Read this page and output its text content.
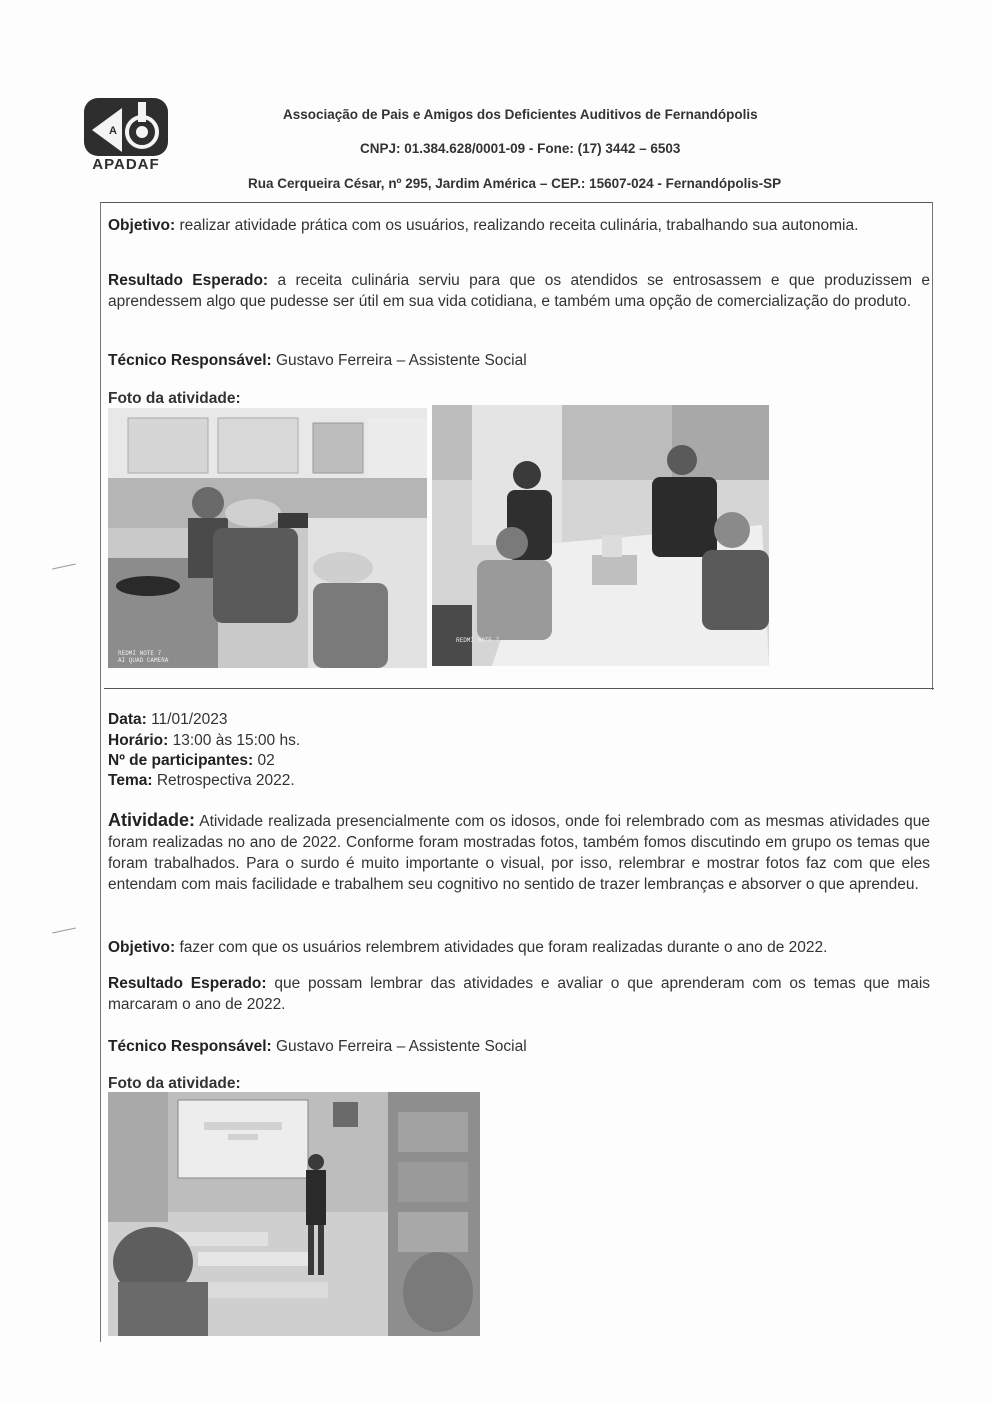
A
APADAF
Associação de Pais e Amigos dos Deficientes Auditivos de Fernandópolis
CNPJ: 01.384.628/0001-09 - Fone: (17) 3442 – 6503
Rua Cerqueira César, nº 295, Jardim América – CEP.: 15607-024 - Fernandópolis-SP
Objetivo: realizar atividade prática com os usuários, realizando receita culinária, trabalhando sua autonomia.
Resultado Esperado: a receita culinária serviu para que os atendidos se entrosassem e que produzissem e aprendessem algo que pudesse ser útil em sua vida cotidiana, e também uma opção de comercialização do produto.
Técnico Responsável: Gustavo Ferreira – Assistente Social
Foto da atividade:
REDMI NOTE 7
AI QUAD CAMERA
REDMI NOTE 7
Data: 11/01/2023
Horário: 13:00 às 15:00 hs.
Nº de participantes: 02
Tema: Retrospectiva 2022.
Atividade: Atividade realizada presencialmente com os idosos, onde foi relembrado com as mesmas atividades que foram realizadas no ano de 2022. Conforme foram mostradas fotos, também fomos discutindo em grupo os temas que foram trabalhados. Para o surdo é muito importante o visual, por isso, relembrar e mostrar fotos faz com que eles entendam com mais facilidade e trabalhem seu cognitivo no sentido de trazer lembranças e absorver o que aprendeu.
Objetivo: fazer com que os usuários relembrem atividades que foram realizadas durante o ano de 2022.
Resultado Esperado: que possam lembrar das atividades e avaliar o que aprenderam com os temas que mais marcaram o ano de 2022.
Técnico Responsável: Gustavo Ferreira – Assistente Social
Foto da atividade:
